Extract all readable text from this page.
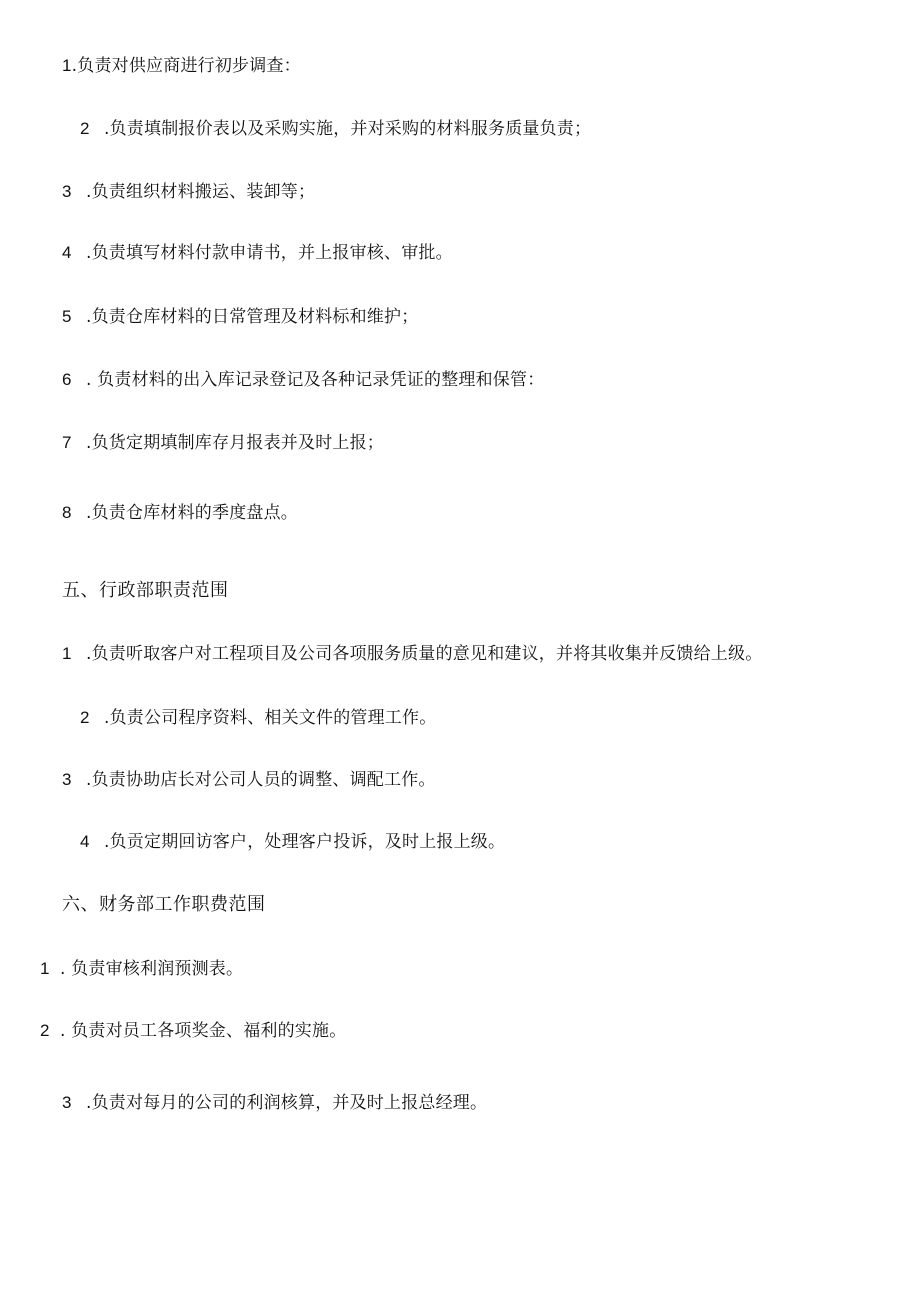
1.负责对供应商进行初步调查：
2 .负责填制报价表以及采购实施，并对采购的材料服务质量负责；
3 .负责组织材料搬运、装卸等；
4 .负责填写材料付款申请书，并上报审核、审批。
5 .负责仓库材料的日常管理及材料标和维护；
6 . 负责材料的出入库记录登记及各种记录凭证的整理和保管：
7 .负货定期填制库存月报表并及时上报；
8 .负责仓库材料的季度盘点。
五、行政部职责范围
1 .负责听取客户对工程项目及公司各项服务质量的意见和建议，并将其收集并反馈给上级。
2 .负责公司程序资料、相关文件的管理工作。
3 .负责协助店长对公司人员的调整、调配工作。
4 .负贡定期回访客户，处理客户投诉，及时上报上级。
六、财务部工作职费范围
1 . 负责审核利润预测表。
2 . 负责对员工各项奖金、福利的实施。
3 .负责对每月的公司的利润核算，并及时上报总经理。
